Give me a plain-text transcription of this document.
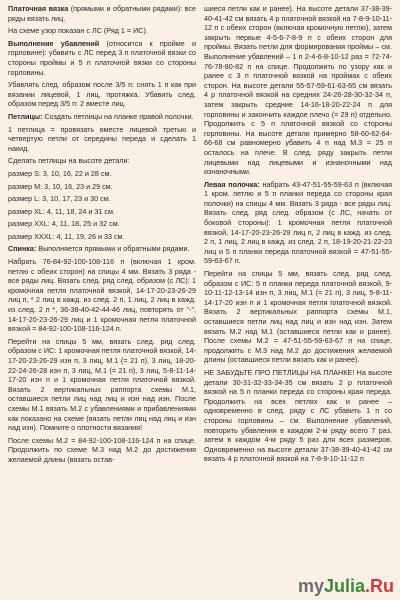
Платочная вязка (прямыми и обратными рядами): все ряды вязать лиц.

На схеме узор показан с ЛС (Ряд 1 = ИС).

Выполнение убавлений (относится к пройме и горловине): убавить с ЛС перед 3 п платочной вязки со стороны проймы и 5 п платочной вязки со стороны горловины.

Убавлять след. образом после 3/5 п: снять 1 п как при вязании лицевой, 1 лиц, протяжка. Убавить след. образом перед 3/5 п: 2 вместе лиц.

Петлицы: Создать петлицы на планке правой полочки.

1 петлица = провязать вместе лицевой третью и четвертую петли от середины переда и сделать 1 накид.

Сделать петлицы на высоте детали:

размер S: 3, 10, 16, 22 и 28 см.

размер M: 3, 10, 16, 23 и 29 см.

размер L: 3, 10, 17, 23 и 30 см.

размер XL: 4, 11, 18, 24 и 31 см.

размер XXL: 4, 11, 18, 25 и 32 см.

размер XXXL: 4, 11, 19, 26 и 33 см.

Спинка: Выполняется прямыми и обратными рядами.

Набрать 76-84-92-100-108-116 п (включая 1 кром. петлю с обеих сторон) на спицы 4 мм. Вязать 3 ряда - все ряды лиц. Вязать след. ряд след. образом (с ЛС): 1 кромочная петля платочной вязкой, 14-17-20-23-26-29 лиц п, * 2 лиц в кажд. из след. 2 п, 1 лиц, 2 лиц в кажд. из след. 2 п *, 36-38-40-42-44-46 лиц, повторять от "-", 14-17-20-23-26-29 лиц и 1 кромочная петля платочной вязкой = 84-92-100-108-116-124 п.

Перейти на спицы 5 мм, вязать след. ряд след. образом с ИС: 1 кромочная петля платочной вязкой, 14-17-20-23-26-29 изн п, 3 лиц, М.1 (= 21 п), 3 лиц, 18-20-22-24-26-28 изн п, 3 лиц, М.1 (= 21 п), 3 лиц, 5-8-11-14-17-20 изн п и 1 кромочная петля платочной вязкой. Вязать 2 вертикальных раппорта схемы М.1, оставшиеся петли лиц над лиц и изн над изн. После схемы М.1 вязать М.2 с убавлениями и прибавлениями как показано на схеме (вязать петли лиц над лиц и изн над изн). Помните о плотности вязания!

После схемы М.2 = 84-92-100-108-116-124 п на спице. Продолжить по схеме М.3 над М.2 до достижения желаемой длины (вязать остав-

шиеся петли как и ранее). На высоте детали 37-38-39-40-41-42 см вязать 4 р платочной вязкой на 7-8-9-10-11-12 п с обеих сторон (включая кромочную петлю), затем закрыть первые 4-5-6-7-8-9 п с обеих сторон для проймы. Вязать петли для формирования проймы – см. Выполнение убавлений – 1 п 2-4-6-8-10-12 раз = 72-74-76-78-80-82 п на спице. Продолжить по узору как и ранее с 3 п платочной вязкой на проймах с обеих сторон. На высоте детали 55-57-59-61-63-65 см вязать 4 р платочной вязкой на средних 24-26-28-30-32-34 п, затем закрыть средние 14-16-18-20-22-24 п для горловины и закончить каждое плечо (= 29 п) отдельно. Продолжить с 5 п платочной вязкой со стороны горловины. На высоте детали примерно 58-60-62-64-66-68 см равномерно убавить 4 п над М.3 = 25 п осталось на плече. В след. ряду закрыть петли лицевыми над лицевыми и изнаночными над изнаночными.

Левая полочка: набрать 43-47-51-55-59-63 п (включая 1 кром. петлю и 5 п планки переда со стороны края полочки) на спицы 4 мм. Вязать 3 ряда - все ряды лиц. Вязать след. ряд след. образом (с ЛС, начать от боковой стороны): 1 кромочная петля платочной вязкой, 14-17-20-23-26-29 лиц п, 2 лиц в кажд. из след. 2 п, 1 лиц, 2 лиц в кажд. из след. 2 п, 18-19-20-21-22-23 лиц и 5 п планки переда платочной вязкой = 47-51-55-59-63-67 п.

Перейти на спицы 5 мм, вязать след. ряд след. образом с ИС: 5 п планки переда платочной вязкой, 9-10-11-12-13-14 изн п, 3 лиц, М.1 (= 21 п), 3 лиц, 5-8-11-14-17-20 изн п и 1 кромочная петля платочной вязкой. Вязать 2 вертикальных раппорта схемы М.1, оставшиеся петли лиц над лиц и изн над изн. Затем вязать М.2 над М.1 (оставшиеся петли как и ранее). После схемы М.2 = 47-51-55-59-63-67 п на спице, продолжить с М.3 над М.2 до достижения желаемой длины (оставшиеся петли вязать как и ранее).

НЕ ЗАБУДЬТЕ ПРО ПЕТЛИЦЫ НА ПЛАНКЕ! На высоте детали 30-31-32-33-34-35 см вязать 2 р платочной вязкой на 5 п планки переда со стороны края переда. Продолжить на всех петлях как и ранее – одновременно в след. ряду с ЛС убавить 1 п со стороны горловины – см. Выполнение убавлений, повторить убавления в каждом 2-м ряду всего 7 раз, затем в каждом 4-м ряду 5 раз для всех размеров. Одновременно на высоте детали 37-38-39-40-41-42 см вязать 4 р платочной вязкой на 7-8-9-10-11-12 п

myJulia.Ru
